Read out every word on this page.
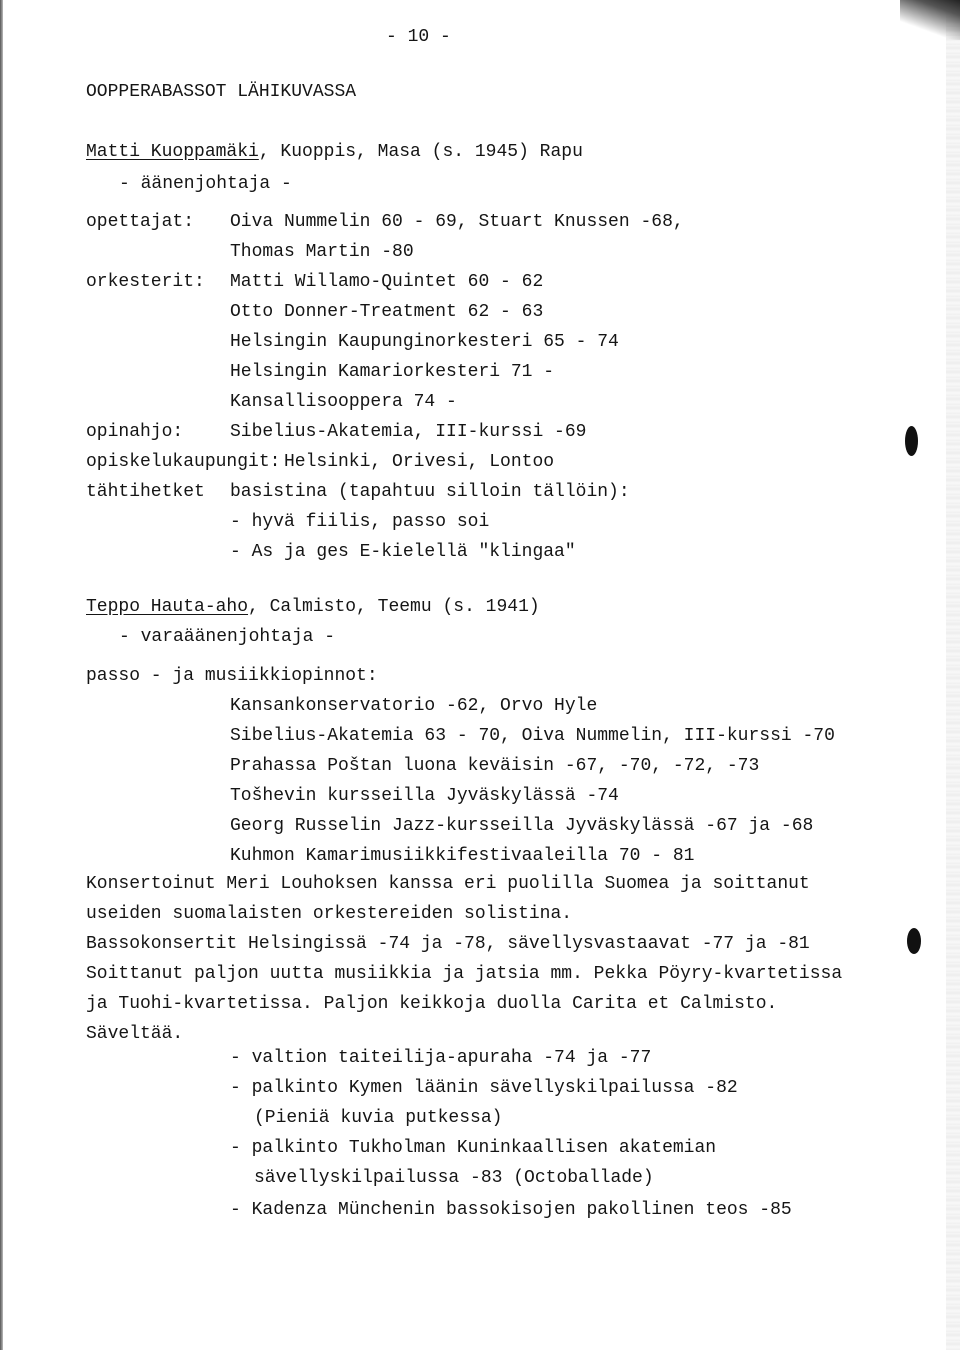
- 10 -
OOPPERABASSOT LÄHIKUVASSA
Matti Kuoppamäki, Kuoppis, Masa (s. 1945) Rapu
- äänenjohtaja -
opettajat: Oiva Nummelin 60 - 69, Stuart Knussen -68,
Thomas Martin -80
orkesterit: Matti Willamo-Quintet 60 - 62
Otto Donner-Treatment 62 - 63
Helsingin Kaupunginorkesteri 65 - 74
Helsingin Kamariorkesteri 71 -
Kansallisooppera 74 -
opinahjo:	Sibelius-Akatemia, III-kurssi -69
opiskelukaupungit: Helsinki, Orivesi, Lontoo
tähtihetket basistina (tapahtuu silloin tällöin):
- hyvä fiilis, passo soi
- As ja ges E-kielellä "klingaa"
Teppo Hauta-aho, Calmisto, Teemu (s. 1941)
- varaäänenjohtaja -
passo - ja musiikkiopinnot:
Kansankonservatorio -62, Orvo Hyle
Sibelius-Akatemia 63 - 70, Oiva Nummelin, III-kurssi -70
Prahassa Poštan luona keväisin -67, -70, -72, -73
Tošhevin kursseilla Jyväskylässä -74
Georg Russelin Jazz-kursseilla Jyväskylässä -67 ja -68
Kuhmon Kamarimusiikkifestivaaleilla 70 - 81
Konsertoinut Meri Louhoksen kanssa eri puolilla Suomea ja soittanut
useiden suomalaisten orkestereiden solistina.
Bassokonsertit Helsingissä -74 ja -78, sävellysvastaavat -77 ja -81
Soittanut paljon uutta musiikkia ja jatsia mm. Pekka Pöyry-kvartetissa
ja Tuohi-kvartetissa. Paljon keikkoja duolla Carita et Calmisto.
Säveltää.
- valtion taiteilija-apuraha -74 ja -77
- palkinto Kymen läänin sävellyskilpailussa -82
(Pieniä kuvia putkessa)
- palkinto Tukholman Kuninkaallisen akatemian
sävellyskilpailussa -83 (Octoballade)
- Kadenza Münchenin bassokisojen pakollinen teos -85
